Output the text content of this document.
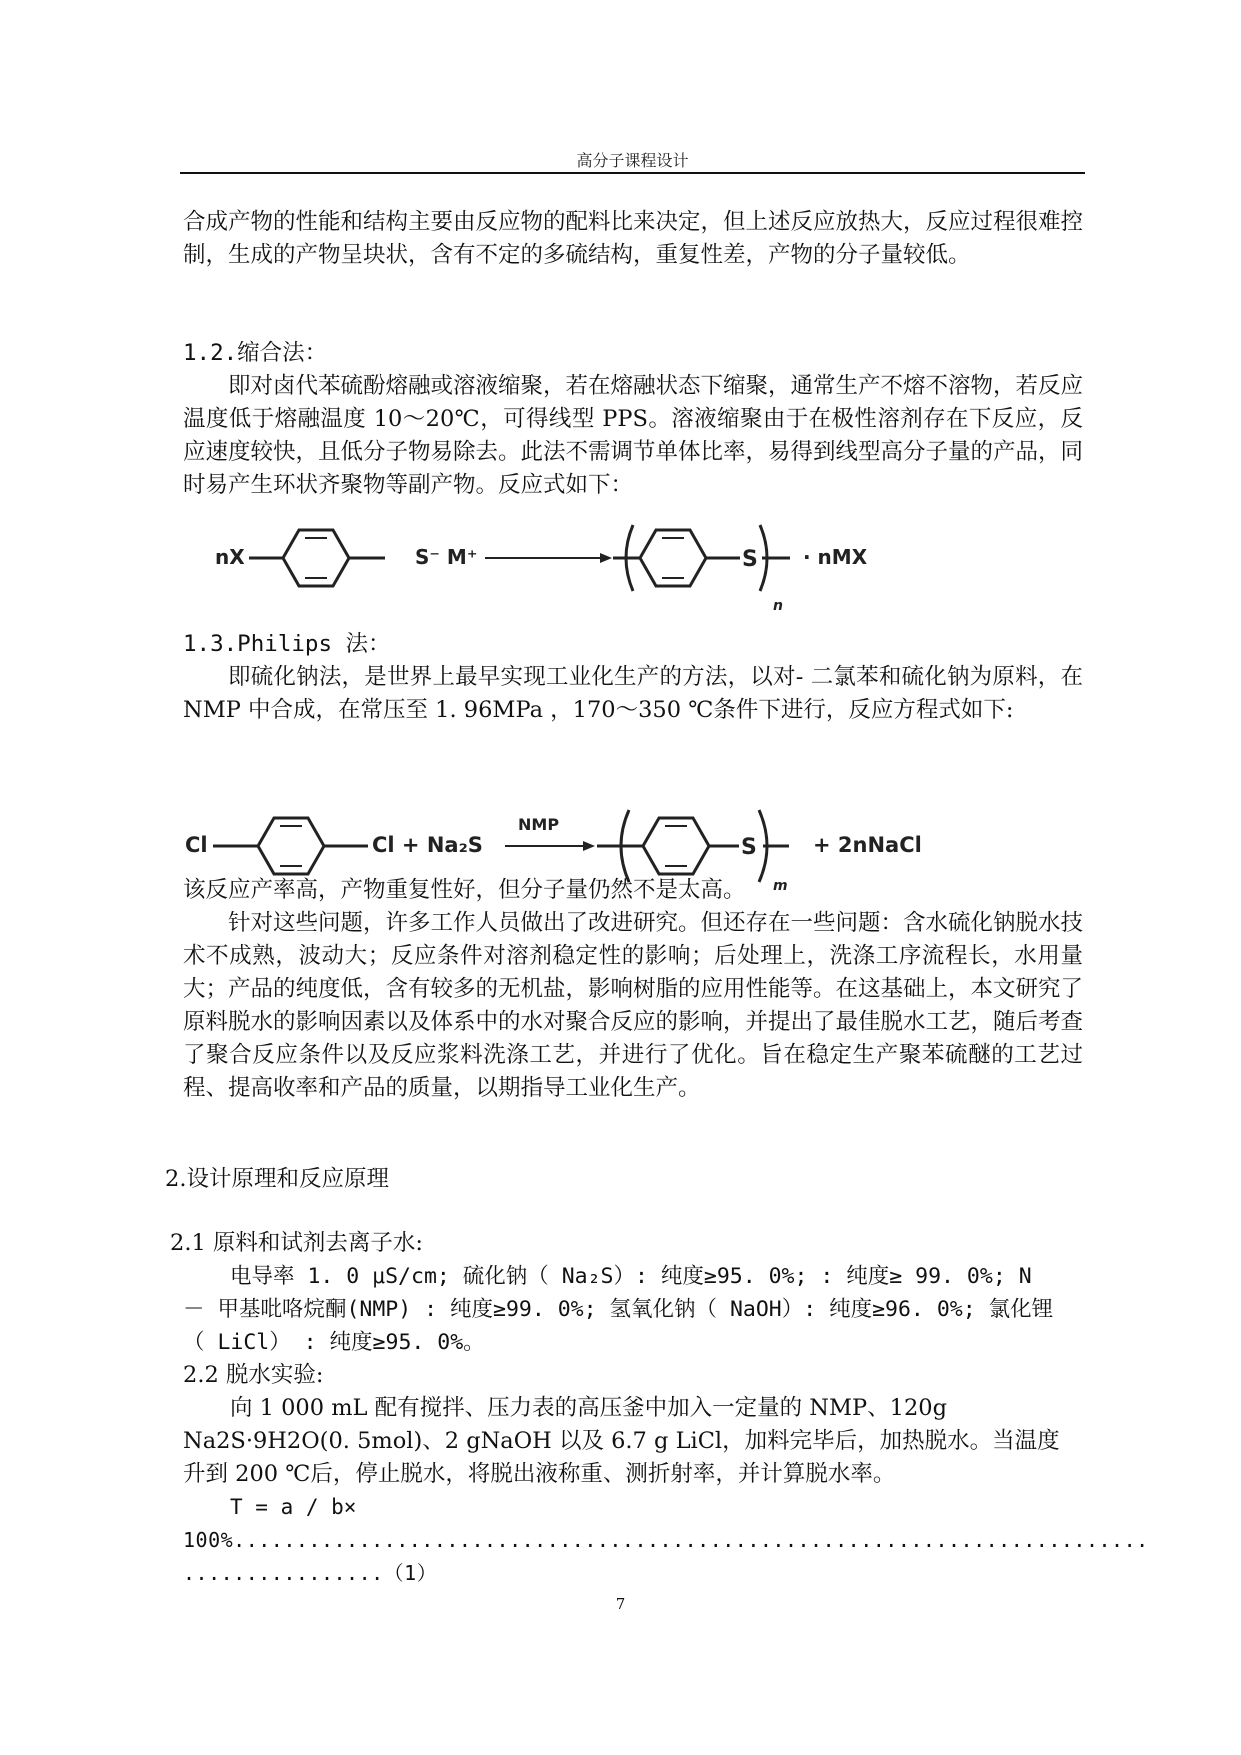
高分子课程设计

合成产物的性能和结构主要由反应物的配料比来决定，但上述反应放热大，反应过程很难控制，生成的产物呈块状，含有不定的多硫结构，重复性差，产物的分子量较低。

1.2.缩合法：

即对卤代苯硫酚熔融或溶液缩聚，若在熔融状态下缩聚，通常生产不熔不溶物，若反应温度低于熔融温度 10～20℃，可得线型 PPS。溶液缩聚由于在极性溶剂存在下反应，反应速度较快，且低分子物易除去。此法不需调节单体比率，易得到线型高分子量的产品，同时易产生环状齐聚物等副产物。反应式如下：

nX	S⁻ M⁺	S
n
· nMX
1.3.Philips 法：

即硫化钠法，是世界上最早实现工业化生产的方法，以对- 二氯苯和硫化钠为原料，在 NMP 中合成，在常压至 1. 96MPa ，170～350 ℃条件下进行，反应方程式如下:

Cl	Cl + Na₂S
NMP
S
m
+ 2nNaCl
该反应产率高，产物重复性好，但分子量仍然不是太高。

针对这些问题，许多工作人员做出了改进研究。但还存在一些问题：含水硫化钠脱水技术不成熟，波动大；反应条件对溶剂稳定性的影响；后处理上，洗涤工序流程长，水用量大；产品的纯度低，含有较多的无机盐，影响树脂的应用性能等。在这基础上，本文研究了原料脱水的影响因素以及体系中的水对聚合反应的影响，并提出了最佳脱水工艺，随后考查了聚合反应条件以及反应浆料洗涤工艺，并进行了优化。旨在稳定生产聚苯硫醚的工艺过程、提高收率和产品的质量，以期指导工业化生产。

2.设计原理和反应原理
2.1 原料和试剂去离子水:
电导率 1. 0 μS/cm; 硫化钠（ Na₂S）: 纯度≥95. 0%; : 纯度≥ 99. 0%; N
－ 甲基吡咯烷酮(NMP) : 纯度≥99. 0%; 氢氧化钠（ NaOH）: 纯度≥96. 0%; 氯化锂
（ LiCl） : 纯度≥95. 0%。
2.2 脱水实验:
向 1 000 mL 配有搅拌、压力表的高压釜中加入一定量的 NMP、120g
Na2S·9H2O(0. 5mol)、2 gNaOH 以及 6.7 g LiCl，加料完毕后，加热脱水。当温度
升到 200 ℃后，停止脱水，将脱出液称重、测折射率，并计算脱水率。
T = a / b×
100%.........................................................................
................（1）
7
